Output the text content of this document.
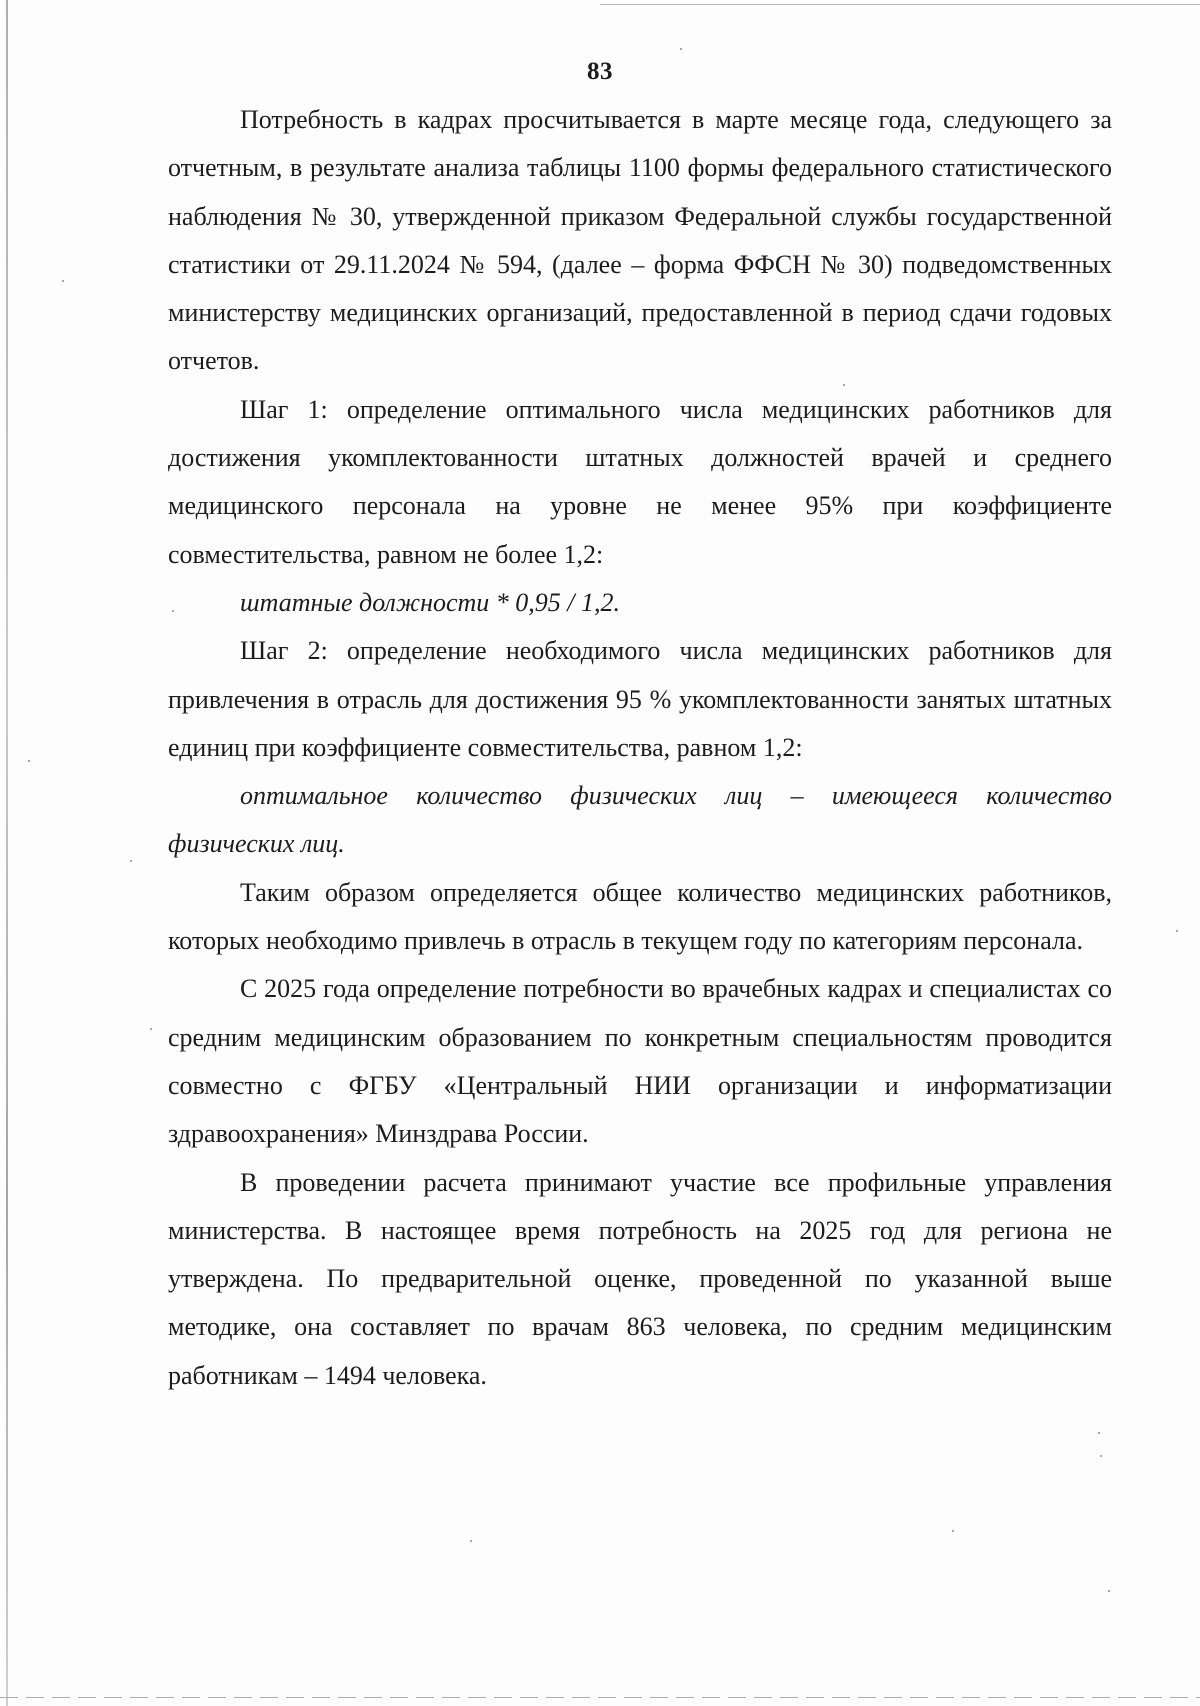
83

Потребность в кадрах просчитывается в марте месяце года, следующего за отчетным, в результате анализа таблицы 1100 формы федерального статистического наблюдения № 30, утвержденной приказом Федеральной службы государственной статистики от 29.11.2024 № 594, (далее – форма ФФСН № 30) подведомственных министерству медицинских организаций, предоставленной в период сдачи годовых отчетов.

Шаг 1: определение оптимального числа медицинских работников для достижения укомплектованности штатных должностей врачей и среднего медицинского персонала на уровне не менее 95% при коэффициенте совместительства, равном не более 1,2:

штатные должности * 0,95 / 1,2.

Шаг 2: определение необходимого числа медицинских работников для привлечения в отрасль для достижения 95 % укомплектованности занятых штатных единиц при коэффициенте совместительства, равном 1,2:

оптимальное количество физических лиц – имеющееся количество физических лиц.

Таким образом определяется общее количество медицинских работников, которых необходимо привлечь в отрасль в текущем году по категориям персонала.

С 2025 года определение потребности во врачебных кадрах и специалистах со средним медицинским образованием по конкретным специальностям проводится совместно с ФГБУ «Центральный НИИ организации и информатизации здравоохранения» Минздрава России.

В проведении расчета принимают участие все профильные управления министерства. В настоящее время потребность на 2025 год для региона не утверждена. По предварительной оценке, проведенной по указанной выше методике, она составляет по врачам 863 человека, по средним медицинским работникам – 1494 человека.
